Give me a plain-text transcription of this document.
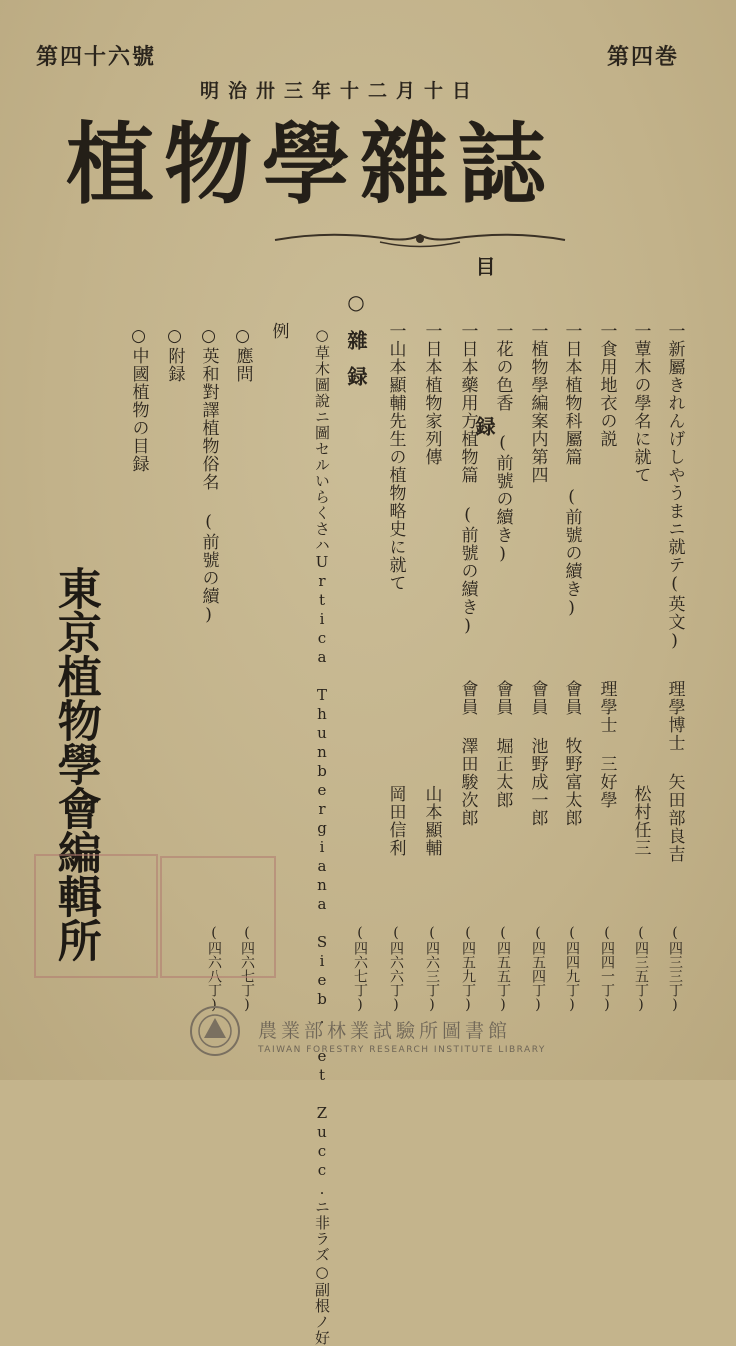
第四巻
第四十六號
明治卅三年十二月十日
植物學雜誌
目録	一新屬きれんげしやうまニ就テ(英文)
一蕈木の學名に就て
一食用地衣の説
一日本植物科屬篇 (前號の續き)
一植物學編案内第四
一花の色香 (前號の續き)
一日本藥用方植物篇 (前號の續き)
一日本植物家列傳
一山本顯輔先生の植物略史に就て
理學博士 矢田部良吉
松村任三
理學士 三好學
會員 牧野富太郎
會員 池野成一郎
會員 堀正太郎
會員 澤田駿次郎
山本顯輔
岡田信利
(四三三丁)
(四三五丁)
(四四一丁)
(四四九丁)
(四五四丁)
(四五五丁)
(四五九丁)
(四六三丁)
(四六六丁)
○雜録
○草木圖說ニ圖セルいらくさハUrtica Thunbergiana Sieb. et Zucc.ニ非ラズ○副根ノ好 (四六七丁)
例
○英和對譯植物俗名 (前號の續) ○應問
(四六七丁)
○附録
(四六八丁)
○中國植物の目録
東京植物學會編輯所
農業部林業試驗所圖書館
TAIWAN FORESTRY RESEARCH INSTITUTE LIBRARY
